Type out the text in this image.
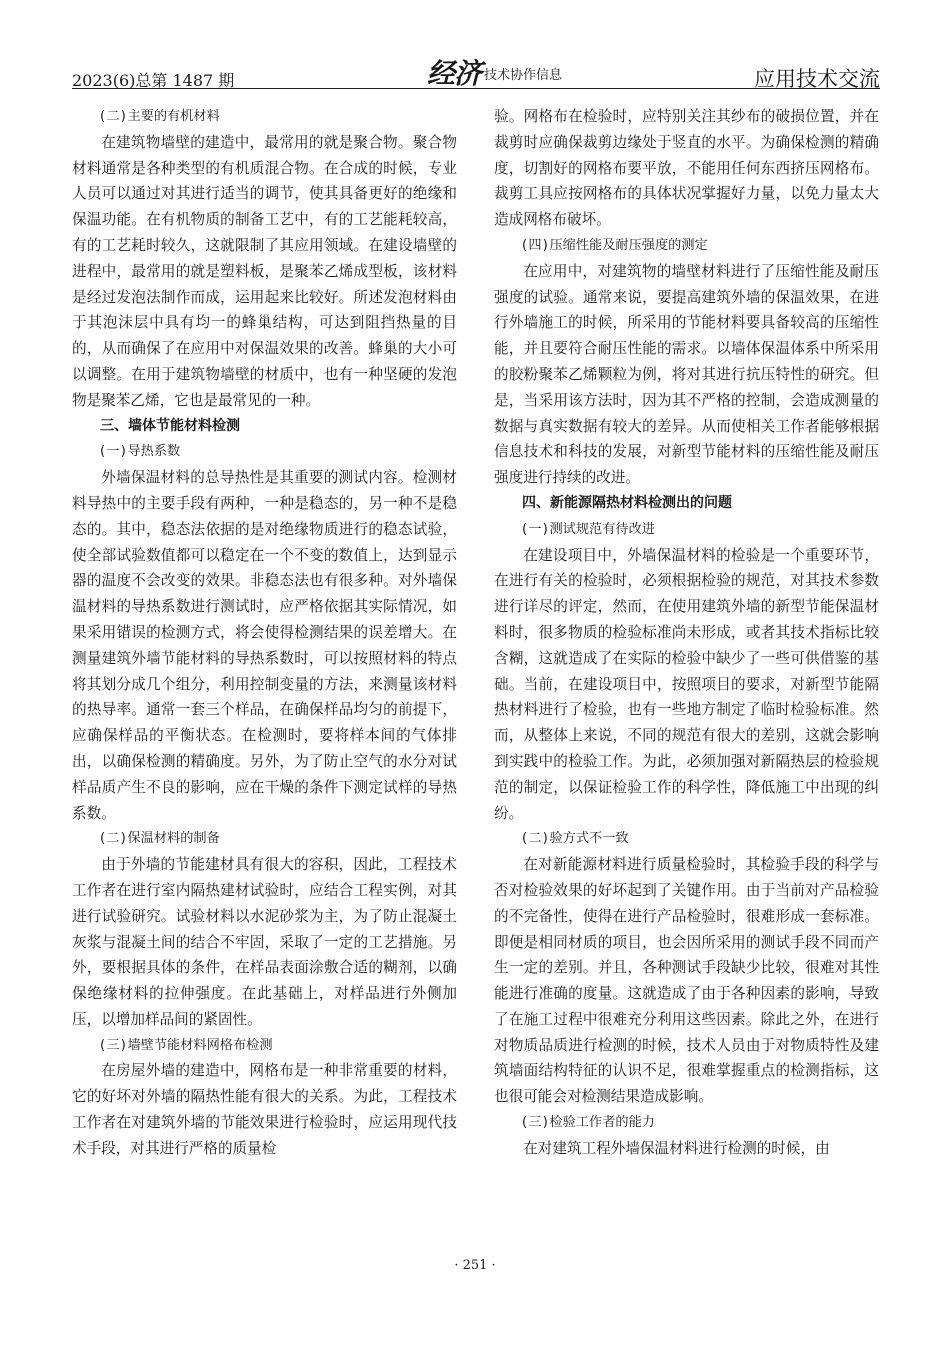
2023(6)总第 1487 期	经济 技术协作信息	应用技术交流

(二)主要的有机材料

在建筑物墙壁的建造中，最常用的就是聚合物。聚合物材料通常是各种类型的有机质混合物。在合成的时候，专业人员可以通过对其进行适当的调节，使其具备更好的绝缘和保温功能。在有机物质的制备工艺中，有的工艺能耗较高，有的工艺耗时较久，这就限制了其应用领域。在建设墙壁的进程中，最常用的就是塑料板，是聚苯乙烯成型板，该材料是经过发泡法制作而成，运用起来比较好。所述发泡材料由于其泡沫层中具有均一的蜂巢结构，可达到阻挡热量的目的，从而确保了在应用中对保温效果的改善。蜂巢的大小可以调整。在用于建筑物墙壁的材质中，也有一种坚硬的发泡物是聚苯乙烯，它也是最常见的一种。

三、墙体节能材料检测

(一)导热系数

外墙保温材料的总导热性是其重要的测试内容。检测材料导热中的主要手段有两种，一种是稳态的，另一种不是稳态的。其中，稳态法依据的是对绝缘物质进行的稳态试验，使全部试验数值都可以稳定在一个不变的数值上，达到显示器的温度不会改变的效果。非稳态法也有很多种。对外墙保温材料的导热系数进行测试时，应严格依据其实际情况，如果采用错误的检测方式，将会使得检测结果的误差增大。在测量建筑外墙节能材料的导热系数时，可以按照材料的特点将其划分成几个组分，利用控制变量的方法，来测量该材料的热导率。通常一套三个样品，在确保样品均匀的前提下，应确保样品的平衡状态。在检测时，要将样本间的气体排出，以确保检测的精确度。另外，为了防止空气的水分对试样品质产生不良的影响，应在干燥的条件下测定试样的导热系数。

(二)保温材料的制备

由于外墙的节能建材具有很大的容积，因此，工程技术工作者在进行室内隔热建材试验时，应结合工程实例，对其进行试验研究。试验材料以水泥砂浆为主，为了防止混凝土灰浆与混凝土间的结合不牢固，采取了一定的工艺措施。另外，要根据具体的条件，在样品表面涂敷合适的糊剂，以确保绝缘材料的拉伸强度。在此基础上，对样品进行外侧加压，以增加样品间的紧固性。

(三)墙壁节能材料网格布检测

在房屋外墙的建造中，网格布是一种非常重要的材料，它的好坏对外墙的隔热性能有很大的关系。为此，工程技术工作者在对建筑外墙的节能效果进行检验时，应运用现代技术手段，对其进行严格的质量检

验。网格布在检验时，应特别关注其纱布的破损位置，并在裁剪时应确保裁剪边缘处于竖直的水平。为确保检测的精确度，切割好的网格布要平放，不能用任何东西挤压网格布。裁剪工具应按网格布的具体状况掌握好力量，以免力量太大造成网格布破坏。

(四)压缩性能及耐压强度的测定

在应用中，对建筑物的墙壁材料进行了压缩性能及耐压强度的试验。通常来说，要提高建筑外墙的保温效果，在进行外墙施工的时候，所采用的节能材料要具备较高的压缩性能，并且要符合耐压性能的需求。以墙体保温体系中所采用的胶粉聚苯乙烯颗粒为例，将对其进行抗压特性的研究。但是，当采用该方法时，因为其不严格的控制，会造成测量的数据与真实数据有较大的差异。从而使相关工作者能够根据信息技术和科技的发展，对新型节能材料的压缩性能及耐压强度进行持续的改进。

四、新能源隔热材料检测出的问题

(一)测试规范有待改进

在建设项目中，外墙保温材料的检验是一个重要环节，在进行有关的检验时，必须根据检验的规范，对其技术参数进行详尽的评定，然而，在使用建筑外墙的新型节能保温材料时，很多物质的检验标准尚未形成，或者其技术指标比较含糊，这就造成了在实际的检验中缺少了一些可供借鉴的基础。当前，在建设项目中，按照项目的要求，对新型节能隔热材料进行了检验，也有一些地方制定了临时检验标准。然而，从整体上来说，不同的规范有很大的差别，这就会影响到实践中的检验工作。为此，必须加强对新隔热层的检验规范的制定，以保证检验工作的科学性，降低施工中出现的纠纷。

(二)验方式不一致

在对新能源材料进行质量检验时，其检验手段的科学与否对检验效果的好坏起到了关键作用。由于当前对产品检验的不完备性，使得在进行产品检验时，很难形成一套标准。即便是相同材质的项目，也会因所采用的测试手段不同而产生一定的差别。并且，各种测试手段缺少比较，很难对其性能进行准确的度量。这就造成了由于各种因素的影响，导致了在施工过程中很难充分利用这些因素。除此之外，在进行对物质品质进行检测的时候，技术人员由于对物质特性及建筑墙面结构特征的认识不足，很难掌握重点的检测指标，这也很可能会对检测结果造成影响。

(三)检验工作者的能力

在对建筑工程外墙保温材料进行检测的时候，由

· 251 ·
